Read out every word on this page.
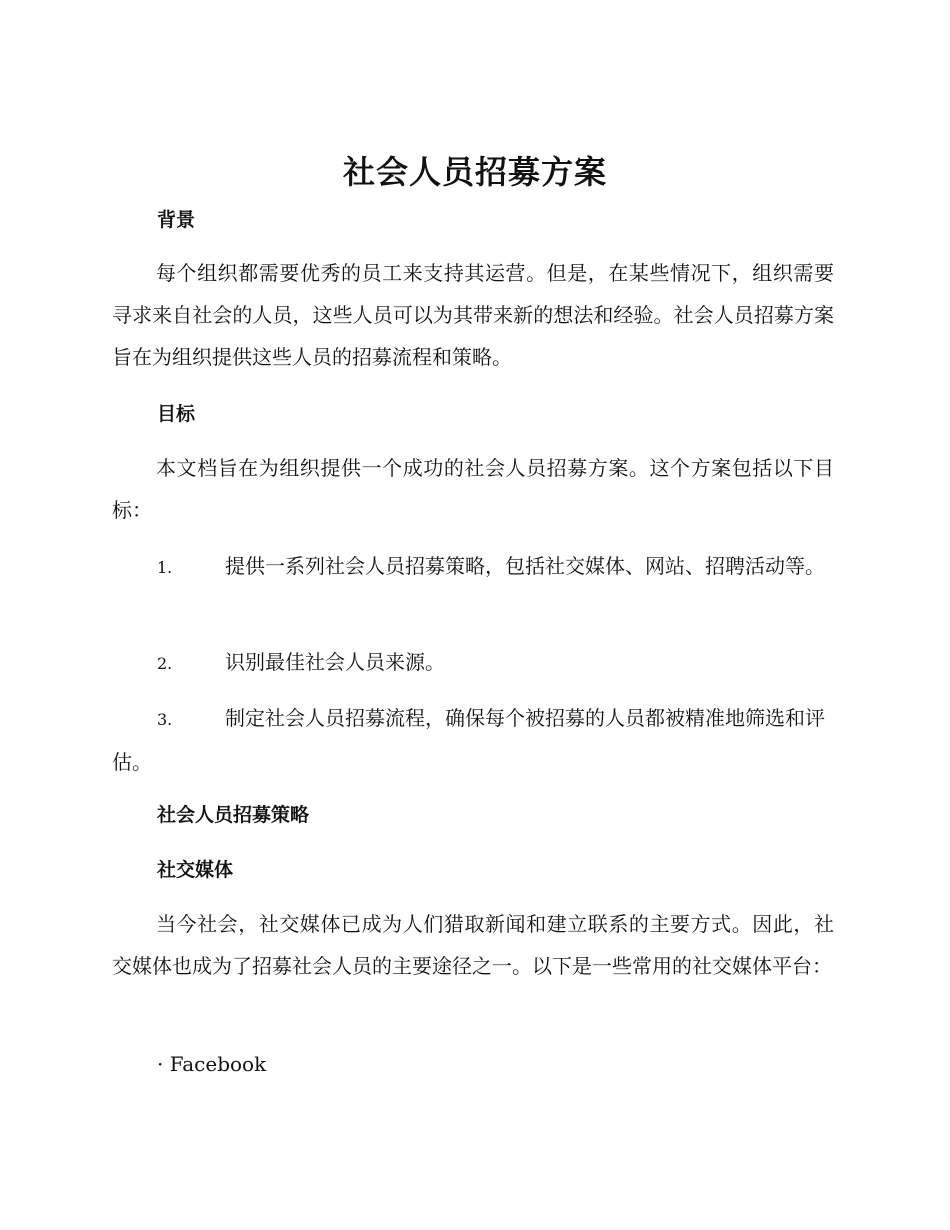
社会人员招募方案
背景

每个组织都需要优秀的员工来支持其运营。但是，在某些情况下，组织需要寻求来自社会的人员，这些人员可以为其带来新的想法和经验。社会人员招募方案旨在为组织提供这些人员的招募流程和策略。

目标

本文档旨在为组织提供一个成功的社会人员招募方案。这个方案包括以下目标：

1.	提供一系列社会人员招募策略，包括社交媒体、网站、招聘活动等。

2.	识别最佳社会人员来源。

3.	制定社会人员招募流程，确保每个被招募的人员都被精准地筛选和评估。

社会人员招募策略
社交媒体

当今社会，社交媒体已成为人们猎取新闻和建立联系的主要方式。因此，社交媒体也成为了招募社会人员的主要途径之一。以下是一些常用的社交媒体平台：

· Facebook
